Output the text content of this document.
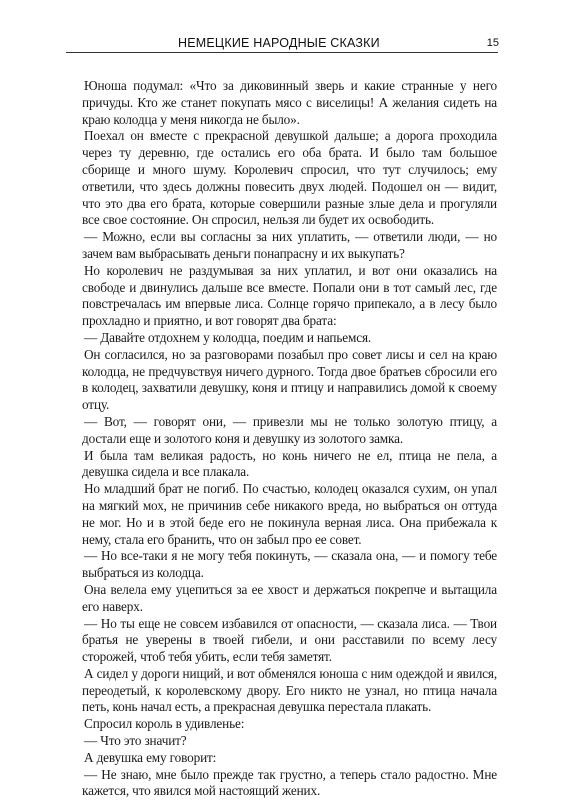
НЕМЕЦКИЕ НАРОДНЫЕ СКАЗКИ	15

Юноша подумал: «Что за диковинный зверь и какие странные у него причуды. Кто же станет покупать мясо с виселицы! А желания сидеть на краю колодца у меня никогда не было».

Поехал он вместе с прекрасной девушкой дальше; а дорога проходила через ту деревню, где остались его оба брата. И было там большое сборище и много шуму. Королевич спросил, что тут случилось; ему ответили, что здесь должны повесить двух людей. Подошел он — видит, что это два его брата, которые совершили разные злые дела и прогуляли все свое состояние. Он спросил, нельзя ли будет их освободить.

— Можно, если вы согласны за них уплатить, — ответили люди, — но зачем вам выбрасывать деньги понапрасну и их выкупать?

Но королевич не раздумывая за них уплатил, и вот они оказались на свободе и двинулись дальше все вместе. Попали они в тот самый лес, где повстречалась им впервые лиса. Солнце горячо припекало, а в лесу было прохладно и приятно, и вот говорят два брата:

— Давайте отдохнем у колодца, поедим и напьемся.

Он согласился, но за разговорами позабыл про совет лисы и сел на краю колодца, не предчувствуя ничего дурного. Тогда двое братьев сбросили его в колодец, захватили девушку, коня и птицу и направились домой к своему отцу.

— Вот, — говорят они, — привезли мы не только золотую птицу, а достали еще и золотого коня и девушку из золотого замка.

И была там великая радость, но конь ничего не ел, птица не пела, а девушка сидела и все плакала.

Но младший брат не погиб. По счастью, колодец оказался сухим, он упал на мягкий мох, не причинив себе никакого вреда, но выбраться он оттуда не мог. Но и в этой беде его не покинула верная лиса. Она прибежала к нему, стала его бранить, что он забыл про ее совет.

— Но все-таки я не могу тебя покинуть, — сказала она, — и помогу тебе выбраться из колодца.

Она велела ему уцепиться за ее хвост и держаться покрепче и вытащила его наверх.

— Но ты еще не совсем избавился от опасности, — сказала лиса. — Твои братья не уверены в твоей гибели, и они расставили по всему лесу сторожей, чтоб тебя убить, если тебя заметят.

А сидел у дороги нищий, и вот обменялся юноша с ним одеждой и явился, переодетый, к королевскому двору. Его никто не узнал, но птица начала петь, конь начал есть, а прекрасная девушка перестала плакать.

Спросил король в удивленье:

— Что это значит?

А девушка ему говорит:

— Не знаю, мне было прежде так грустно, а теперь стало радостно. Мне кажется, что явился мой настоящий жених.
